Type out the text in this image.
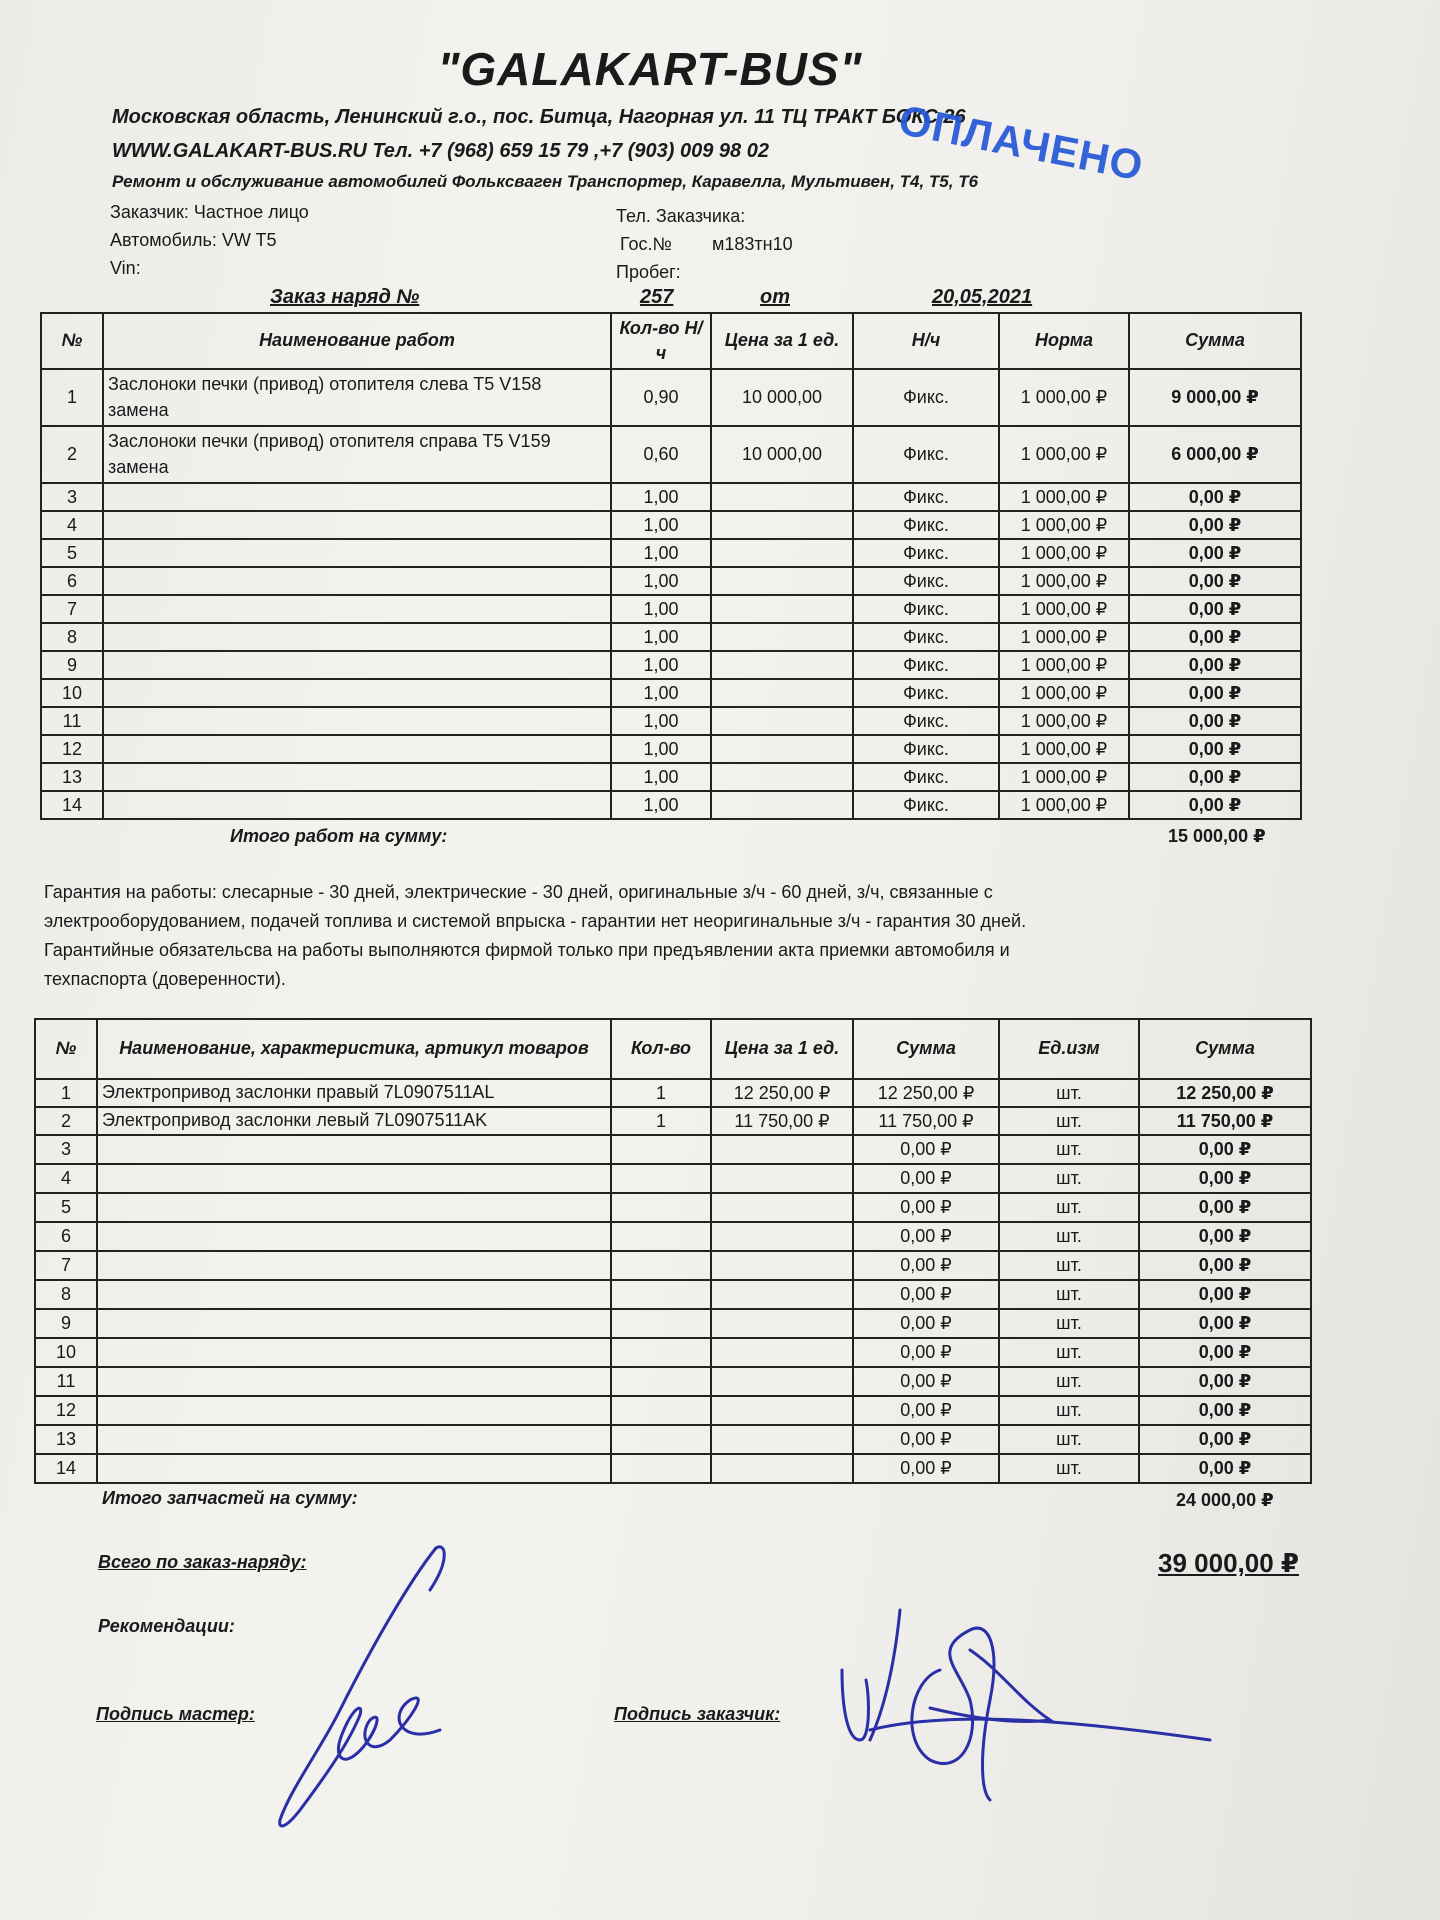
"GALAKART-BUS"
Московская область, Ленинский г.о., пос. Битца, Нагорная ул. 11 ТЦ ТРАКТ БОКС 26
WWW.GALAKART-BUS.RU Тел. +7 (968) 659 15 79 ,+7 (903) 009 98 02
Ремонт и обслуживание автомобилей Фольксваген Транспортер, Каравелла, Мультивен, Т4, Т5, Т6
ОПЛАЧЕНО
Заказчик: Частное лицо
Автомобиль: VW T5
Vin:
Тел. Заказчика:
Гос.№ м183тн10
Пробег:
Заказ наряд №	257	от	20,05,2021
№	Наименование работ	Кол-во Н/ч	Цена за 1 ед.	Н/ч	Норма	Сумма
1	Заслоноки печки (привод) отопителя слева T5 V158 замена	0,90	10 000,00	Фикс.	1 000,00 ₽	9 000,00 ₽
2	Заслоноки печки (привод) отопителя справа T5 V159 замена	0,60	10 000,00	Фикс.	1 000,00 ₽	6 000,00 ₽
3		1,00		Фикс.	1 000,00 ₽	0,00 ₽
4		1,00		Фикс.	1 000,00 ₽	0,00 ₽
5		1,00		Фикс.	1 000,00 ₽	0,00 ₽
6		1,00		Фикс.	1 000,00 ₽	0,00 ₽
7		1,00		Фикс.	1 000,00 ₽	0,00 ₽
8		1,00		Фикс.	1 000,00 ₽	0,00 ₽
9		1,00		Фикс.	1 000,00 ₽	0,00 ₽
10		1,00		Фикс.	1 000,00 ₽	0,00 ₽
11		1,00		Фикс.	1 000,00 ₽	0,00 ₽
12		1,00		Фикс.	1 000,00 ₽	0,00 ₽
13		1,00		Фикс.	1 000,00 ₽	0,00 ₽
14		1,00		Фикс.	1 000,00 ₽	0,00 ₽
Итого работ на сумму:	15 000,00 ₽
Гарантия на работы: слесарные - 30 дней, электрические - 30 дней, оригинальные з/ч - 60 дней, з/ч, связанные с электрооборудованием, подачей топлива и системой впрыска - гарантии нет неоригинальные з/ч - гарантия 30 дней. Гарантийные обязательсва на работы выполняются фирмой только при предъявлении акта приемки автомобиля и техпаспорта (доверенности).
№	Наименование, характеристика, артикул товаров	Кол-во	Цена за 1 ед.	Сумма	Ед.изм	Сумма
1	Электропривод заслонки правый 7L0907511AL	1	12 250,00 ₽	12 250,00 ₽	шт.	12 250,00 ₽
2	Электропривод заслонки левый 7L0907511AK	1	11 750,00 ₽	11 750,00 ₽	шт.	11 750,00 ₽
3				0,00 ₽	шт.	0,00 ₽
4				0,00 ₽	шт.	0,00 ₽
5				0,00 ₽	шт.	0,00 ₽
6				0,00 ₽	шт.	0,00 ₽
7				0,00 ₽	шт.	0,00 ₽
8				0,00 ₽	шт.	0,00 ₽
9				0,00 ₽	шт.	0,00 ₽
10				0,00 ₽	шт.	0,00 ₽
11				0,00 ₽	шт.	0,00 ₽
12				0,00 ₽	шт.	0,00 ₽
13				0,00 ₽	шт.	0,00 ₽
14				0,00 ₽	шт.	0,00 ₽
Итого запчастей на сумму:	24 000,00 ₽
Всего по заказ-наряду:	39 000,00 ₽
Рекомендации:
Подпись мастер:	Подпись заказчик:
